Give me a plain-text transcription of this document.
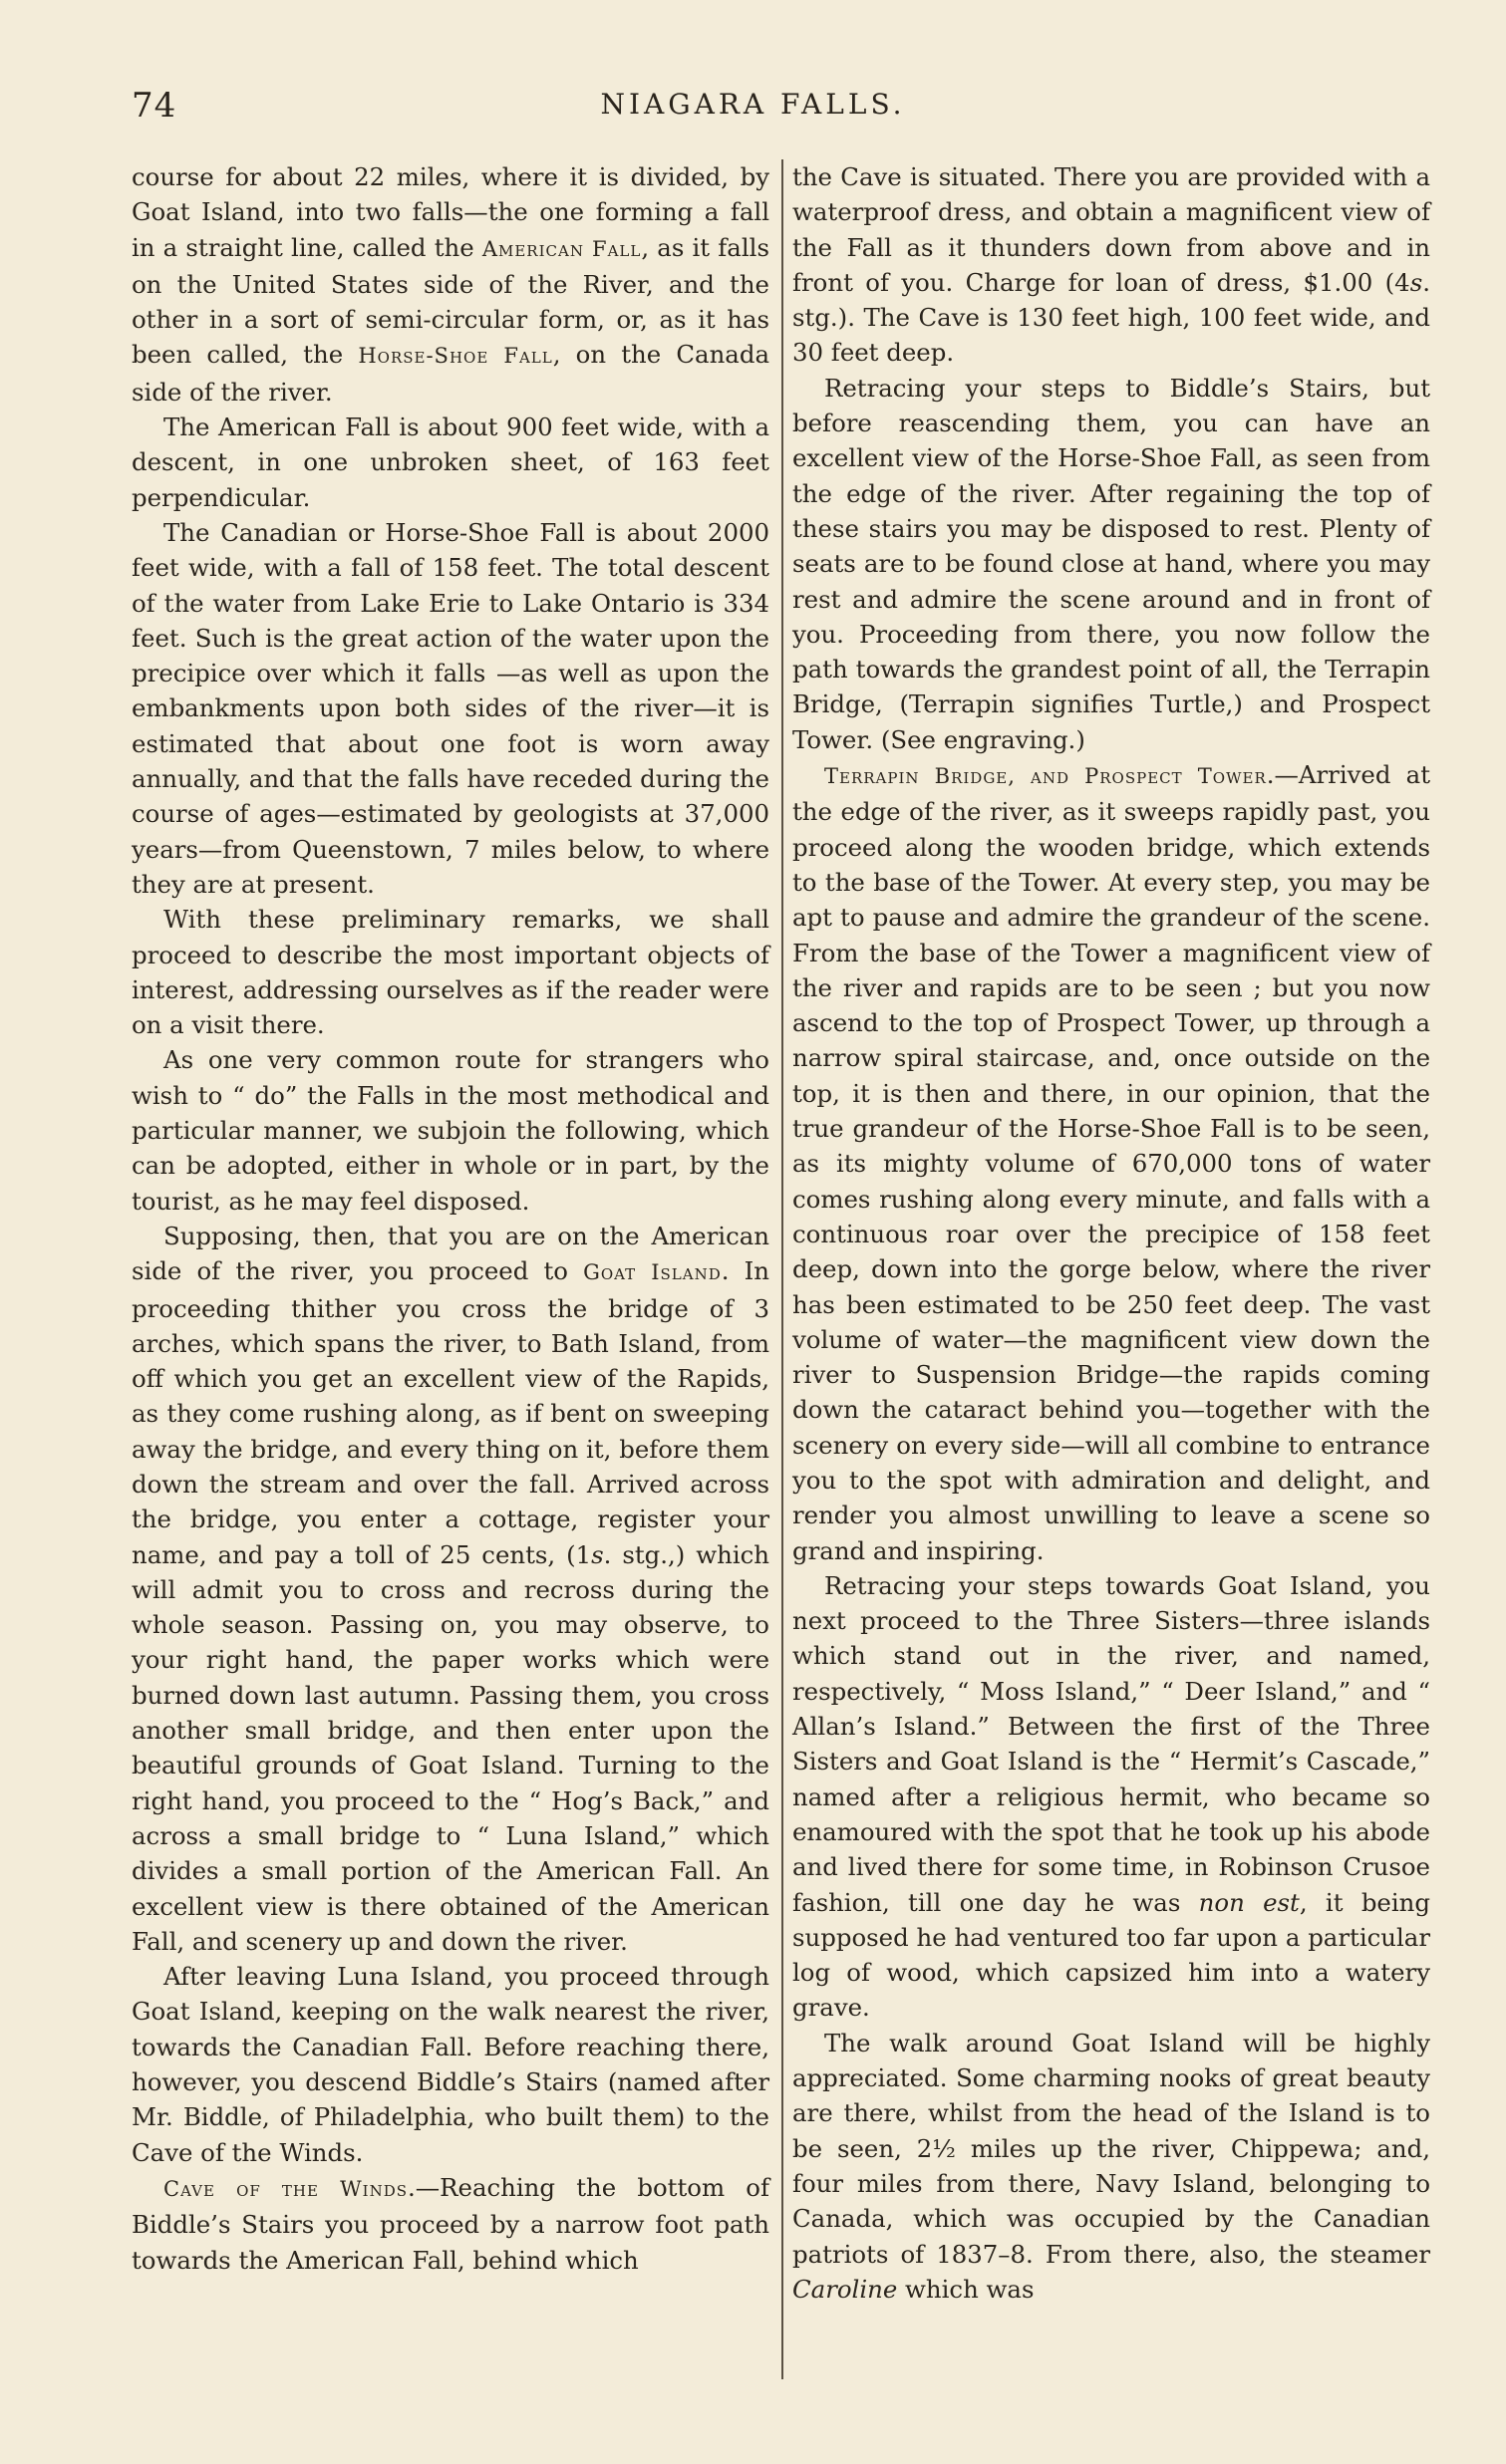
74	NIAGARA FALLS.

course for about 22 miles, where it is divided, by Goat Island, into two falls—the one forming a fall in a straight line, called the American Fall, as it falls on the United States side of the River, and the other in a sort of semi-circular form, or, as it has been called, the Horse-Shoe Fall, on the Canada side of the river.

The American Fall is about 900 feet wide, with a descent, in one unbroken sheet, of 163 feet perpendicular.

The Canadian or Horse-Shoe Fall is about 2000 feet wide, with a fall of 158 feet. The total descent of the water from Lake Erie to Lake Ontario is 334 feet. Such is the great action of the water upon the precipice over which it falls —as well as upon the embankments upon both sides of the river—it is estimated that about one foot is worn away annually, and that the falls have receded during the course of ages—estimated by geologists at 37,000 years—from Queenstown, 7 miles below, to where they are at present.

With these preliminary remarks, we shall proceed to describe the most important objects of interest, addressing ourselves as if the reader were on a visit there.

As one very common route for strangers who wish to “ do” the Falls in the most methodical and particular manner, we subjoin the following, which can be adopted, either in whole or in part, by the tourist, as he may feel disposed.

Supposing, then, that you are on the American side of the river, you proceed to Goat Island. In proceeding thither you cross the bridge of 3 arches, which spans the river, to Bath Island, from off which you get an excellent view of the Rapids, as they come rushing along, as if bent on sweeping away the bridge, and every thing on it, before them down the stream and over the fall. Arrived across the bridge, you enter a cottage, register your name, and pay a toll of 25 cents, (1s. stg.,) which will admit you to cross and recross during the whole season. Passing on, you may observe, to your right hand, the paper works which were burned down last autumn. Passing them, you cross another small bridge, and then enter upon the beautiful grounds of Goat Island. Turning to the right hand, you proceed to the “ Hog’s Back,” and across a small bridge to “ Luna Island,” which divides a small portion of the American Fall. An excellent view is there obtained of the American Fall, and scenery up and down the river.

After leaving Luna Island, you proceed through Goat Island, keeping on the walk nearest the river, towards the Canadian Fall. Before reaching there, however, you descend Biddle’s Stairs (named after Mr. Biddle, of Philadelphia, who built them) to the Cave of the Winds.

Cave of the Winds.—Reaching the bottom of Biddle’s Stairs you proceed by a narrow foot path towards the American Fall, behind which

the Cave is situated. There you are provided with a waterproof dress, and obtain a magnificent view of the Fall as it thunders down from above and in front of you. Charge for loan of dress, $1.00 (4s. stg.). The Cave is 130 feet high, 100 feet wide, and 30 feet deep.

Retracing your steps to Biddle’s Stairs, but before reascending them, you can have an excellent view of the Horse-Shoe Fall, as seen from the edge of the river. After regaining the top of these stairs you may be disposed to rest. Plenty of seats are to be found close at hand, where you may rest and admire the scene around and in front of you. Proceeding from there, you now follow the path towards the grandest point of all, the Terrapin Bridge, (Terrapin signifies Turtle,) and Prospect Tower. (See engraving.)

Terrapin Bridge, and Prospect Tower.—Arrived at the edge of the river, as it sweeps rapidly past, you proceed along the wooden bridge, which extends to the base of the Tower. At every step, you may be apt to pause and admire the grandeur of the scene. From the base of the Tower a magnificent view of the river and rapids are to be seen ; but you now ascend to the top of Prospect Tower, up through a narrow spiral staircase, and, once outside on the top, it is then and there, in our opinion, that the true grandeur of the Horse-Shoe Fall is to be seen, as its mighty volume of 670,000 tons of water comes rushing along every minute, and falls with a continuous roar over the precipice of 158 feet deep, down into the gorge below, where the river has been estimated to be 250 feet deep. The vast volume of water—the magnificent view down the river to Suspension Bridge—the rapids coming down the cataract behind you—together with the scenery on every side—will all combine to entrance you to the spot with admiration and delight, and render you almost unwilling to leave a scene so grand and inspiring.

Retracing your steps towards Goat Island, you next proceed to the Three Sisters—three islands which stand out in the river, and named, respectively, “ Moss Island,” “ Deer Island,” and “ Allan’s Island.” Between the first of the Three Sisters and Goat Island is the “ Hermit’s Cascade,” named after a religious hermit, who became so enamoured with the spot that he took up his abode and lived there for some time, in Robinson Crusoe fashion, till one day he was non est, it being supposed he had ventured too far upon a particular log of wood, which capsized him into a watery grave.

The walk around Goat Island will be highly appreciated. Some charming nooks of great beauty are there, whilst from the head of the Island is to be seen, 2½ miles up the river, Chippewa; and, four miles from there, Navy Island, belonging to Canada, which was occupied by the Canadian patriots of 1837–8. From there, also, the steamer Caroline which was
